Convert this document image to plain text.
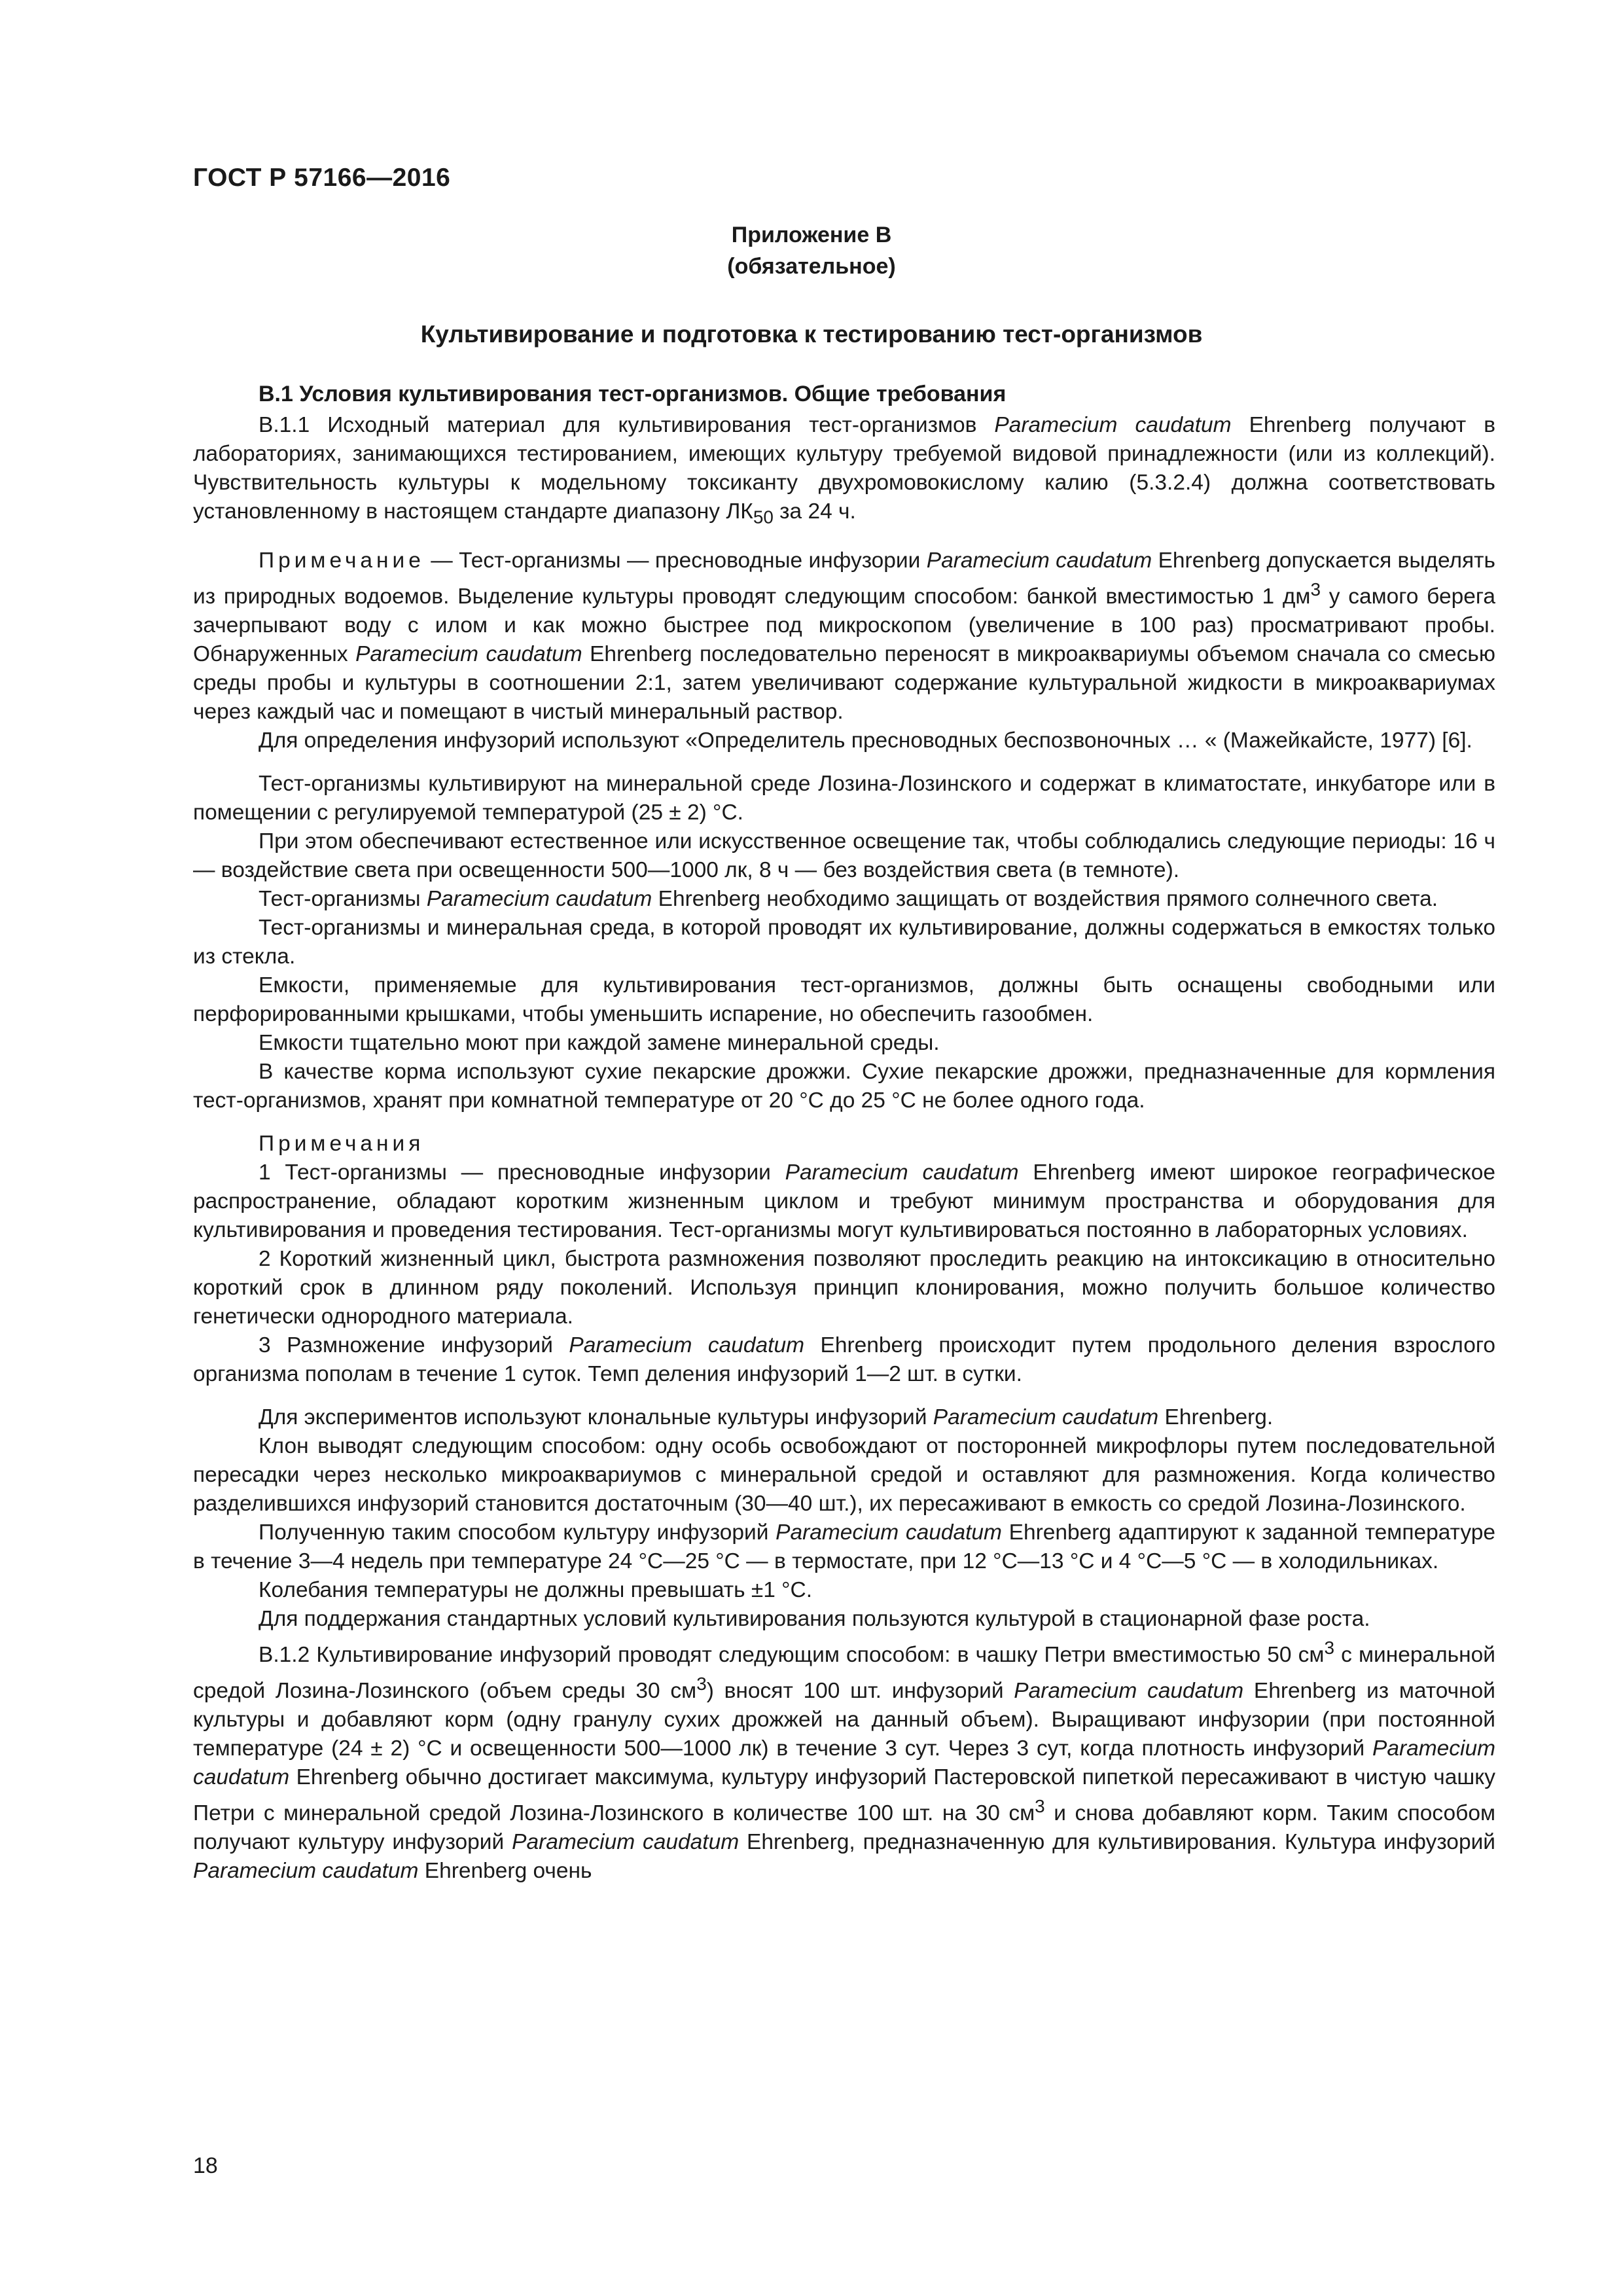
ГОСТ Р 57166—2016
Приложение В
(обязательное)
Культивирование и подготовка к тестированию тест-организмов
В.1 Условия культивирования тест-организмов. Общие требования

В.1.1 Исходный материал для культивирования тест-организмов Paramecium caudatum Ehrenberg получают в лабораториях, занимающихся тестированием, имеющих культуру требуемой видовой принадлежности (или из коллекций). Чувствительность культуры к модельному токсиканту двухромовокислому калию (5.3.2.4) должна соответствовать установленному в настоящем стандарте диапазону $ЛК_{50}$ за 24 ч.

Примечание — Тест-организмы — пресноводные инфузории Paramecium caudatum Ehrenberg допускается выделять из природных водоемов. Выделение культуры проводят следующим способом: банкой вместимостью 1 $дм^3$ у самого берега зачерпывают воду с илом и как можно быстрее под микроскопом (увеличение в 100 раз) просматривают пробы. Обнаруженных Paramecium caudatum Ehrenberg последовательно переносят в микроаквариумы объемом сначала со смесью среды пробы и культуры в соотношении 2:1, затем увеличивают содержание культуральной жидкости в микроаквариумах через каждый час и помещают в чистый минеральный раствор.

Для определения инфузорий используют «Определитель пресноводных беспозвоночных … « (Мажейкайсте, 1977) [6].

Тест-организмы культивируют на минеральной среде Лозина-Лозинского и содержат в климатостате, инкубаторе или в помещении с регулируемой температурой (25 ± 2) °С.

При этом обеспечивают естественное или искусственное освещение так, чтобы соблюдались следующие периоды: 16 ч — воздействие света при освещенности 500—1000 лк, 8 ч — без воздействия света (в темноте).

Тест-организмы Paramecium caudatum Ehrenberg необходимо защищать от воздействия прямого солнечного света.

Тест-организмы и минеральная среда, в которой проводят их культивирование, должны содержаться в емкостях только из стекла.

Емкости, применяемые для культивирования тест-организмов, должны быть оснащены свободными или перфорированными крышками, чтобы уменьшить испарение, но обеспечить газообмен.

Емкости тщательно моют при каждой замене минеральной среды.

В качестве корма используют сухие пекарские дрожжи. Сухие пекарские дрожжи, предназначенные для кормления тест-организмов, хранят при комнатной температуре от 20 °С до 25 °С не более одного года.

Примечания

1 Тест-организмы — пресноводные инфузории Paramecium caudatum Ehrenberg имеют широкое географическое распространение, обладают коротким жизненным циклом и требуют минимум пространства и оборудования для культивирования и проведения тестирования. Тест-организмы могут культивироваться постоянно в лабораторных условиях.

2 Короткий жизненный цикл, быстрота размножения позволяют проследить реакцию на интоксикацию в относительно короткий срок в длинном ряду поколений. Используя принцип клонирования, можно получить большое количество генетически однородного материала.

3 Размножение инфузорий Paramecium caudatum Ehrenberg происходит путем продольного деления взрослого организма пополам в течение 1 суток. Темп деления инфузорий 1—2 шт. в сутки.

Для экспериментов используют клональные культуры инфузорий Paramecium caudatum Ehrenberg.

Клон выводят следующим способом: одну особь освобождают от посторонней микрофлоры путем последовательной пересадки через несколько микроаквариумов с минеральной средой и оставляют для размножения. Когда количество разделившихся инфузорий становится достаточным (30—40 шт.), их пересаживают в емкость со средой Лозина-Лозинского.

Полученную таким способом культуру инфузорий Paramecium caudatum Ehrenberg адаптируют к заданной температуре в течение 3—4 недель при температуре 24 °С—25 °С — в термостате, при 12 °С—13 °С и 4 °С—5 °С — в холодильниках.

Колебания температуры не должны превышать ±1 °С.

Для поддержания стандартных условий культивирования пользуются культурой в стационарной фазе роста.

В.1.2 Культивирование инфузорий проводят следующим способом: в чашку Петри вместимостью 50 $см^3$ с минеральной средой Лозина-Лозинского (объем среды 30 $см^3$) вносят 100 шт. инфузорий Paramecium caudatum Ehrenberg из маточной культуры и добавляют корм (одну гранулу сухих дрожжей на данный объем). Выращивают инфузории (при постоянной температуре (24 ± 2) °С и освещенности 500—1000 лк) в течение 3 сут. Через 3 сут, когда плотность инфузорий Paramecium caudatum Ehrenberg обычно достигает максимума, культуру инфузорий Пастеровской пипеткой пересаживают в чистую чашку Петри с минеральной средой Лозина-Лозинского в количестве 100 шт. на 30 $см^3$ и снова добавляют корм. Таким способом получают культуру инфузорий Paramecium caudatum Ehrenberg, предназначенную для культивирования. Культура инфузорий Paramecium caudatum Ehrenberg очень

18
